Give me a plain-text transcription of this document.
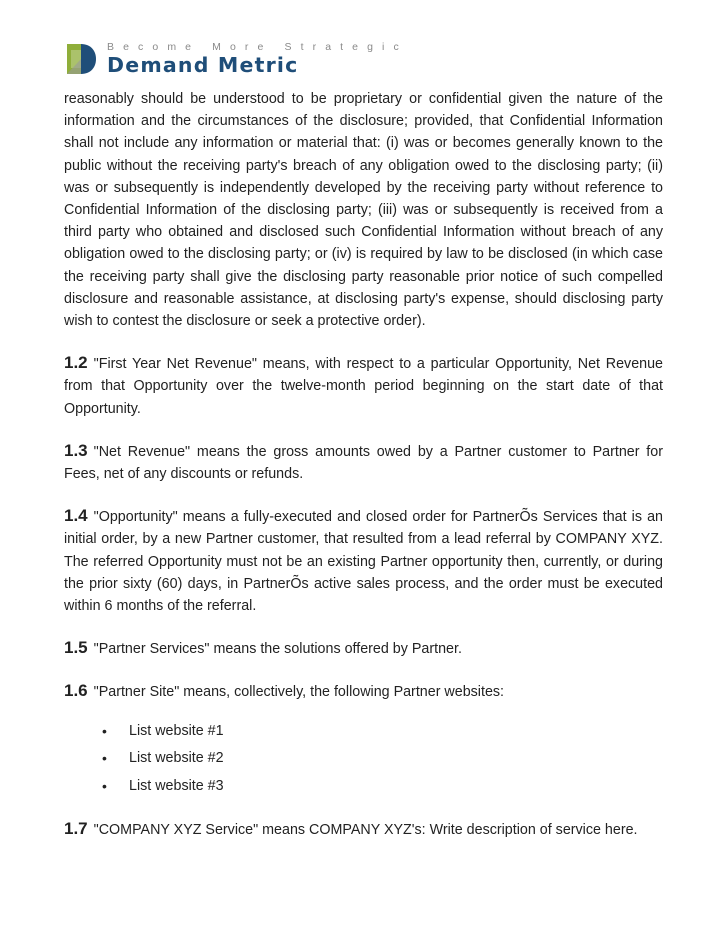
Become More Strategic
Demand Metric

reasonably should be understood to be proprietary or confidential given the nature of the information and the circumstances of the disclosure; provided, that Confidential Information shall not include any information or material that: (i) was or becomes generally known to the public without the receiving party's breach of any obligation owed to the disclosing party; (ii) was or subsequently is independently developed by the receiving party without reference to Confidential Information of the disclosing party; (iii) was or subsequently is received from a third party who obtained and disclosed such Confidential Information without breach of any obligation owed to the disclosing party; or (iv) is required by law to be disclosed (in which case the receiving party shall give the disclosing party reasonable prior notice of such compelled disclosure and reasonable assistance, at disclosing party's expense, should disclosing party wish to contest the disclosure or seek a protective order).

1.2 "First Year Net Revenue" means, with respect to a particular Opportunity, Net Revenue from that Opportunity over the twelve-month period beginning on the start date of that Opportunity.

1.3 "Net Revenue" means the gross amounts owed by a Partner customer to Partner for Fees, net of any discounts or refunds.

1.4 "Opportunity" means a fully-executed and closed order for PartnerÕs Services that is an initial order, by a new Partner customer, that resulted from a lead referral by COMPANY XYZ. The referred Opportunity must not be an existing Partner opportunity then, currently, or during the prior sixty (60) days, in PartnerÕs active sales process, and the order must be executed within 6 months of the referral.

1.5 "Partner Services" means the solutions offered by Partner.

1.6 "Partner Site" means, collectively, the following Partner websites:

• List website #1
• List website #2
• List website #3

1.7 "COMPANY XYZ Service" means COMPANY XYZ's: Write description of service here.
